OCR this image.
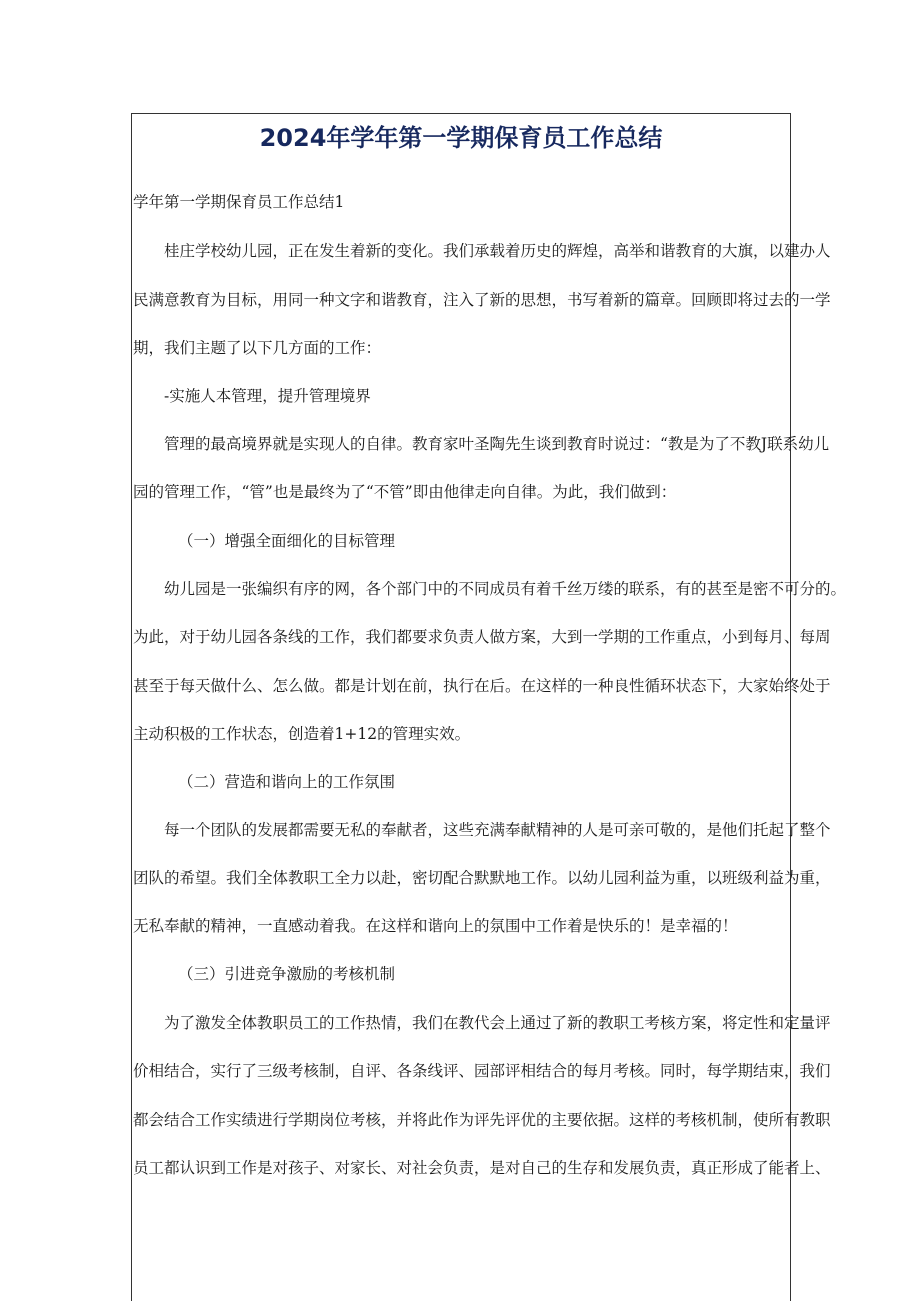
2024年学年第一学期保育员工作总结

学年第一学期保育员工作总结1

桂庄学校幼儿园，正在发生着新的变化。我们承载着历史的辉煌，高举和谐教育的大旗，以建办人

民满意教育为目标，用同一种文字和谐教育，注入了新的思想，书写着新的篇章。回顾即将过去的一学

期，我们主题了以下几方面的工作：

-实施人本管理，提升管理境界

管理的最高境界就是实现人的自律。教育家叶圣陶先生谈到教育时说过：“教是为了不教J联系幼儿

园的管理工作，“管”也是最终为了“不管”即由他律走向自律。为此，我们做到：

（一）增强全面细化的目标管理

幼儿园是一张编织有序的网，各个部门中的不同成员有着千丝万缕的联系，有的甚至是密不可分的。

为此，对于幼儿园各条线的工作，我们都要求负责人做方案，大到一学期的工作重点，小到每月、每周

甚至于每天做什么、怎么做。都是计划在前，执行在后。在这样的一种良性循环状态下，大家始终处于

主动积极的工作状态，创造着1+12的管理实效。

（二）营造和谐向上的工作氛围

每一个团队的发展都需要无私的奉献者，这些充满奉献精神的人是可亲可敬的，是他们托起了整个

团队的希望。我们全体教职工全力以赴，密切配合默默地工作。以幼儿园利益为重，以班级利益为重，

无私奉献的精神，一直感动着我。在这样和谐向上的氛围中工作着是快乐的！是幸福的！

（三）引进竞争激励的考核机制

为了激发全体教职员工的工作热情，我们在教代会上通过了新的教职工考核方案，将定性和定量评

价相结合，实行了三级考核制，自评、各条线评、园部评相结合的每月考核。同时，每学期结束，我们

都会结合工作实绩进行学期岗位考核，并将此作为评先评优的主要依据。这样的考核机制，使所有教职

员工都认识到工作是对孩子、对家长、对社会负责，是对自己的生存和发展负责，真正形成了能者上、
